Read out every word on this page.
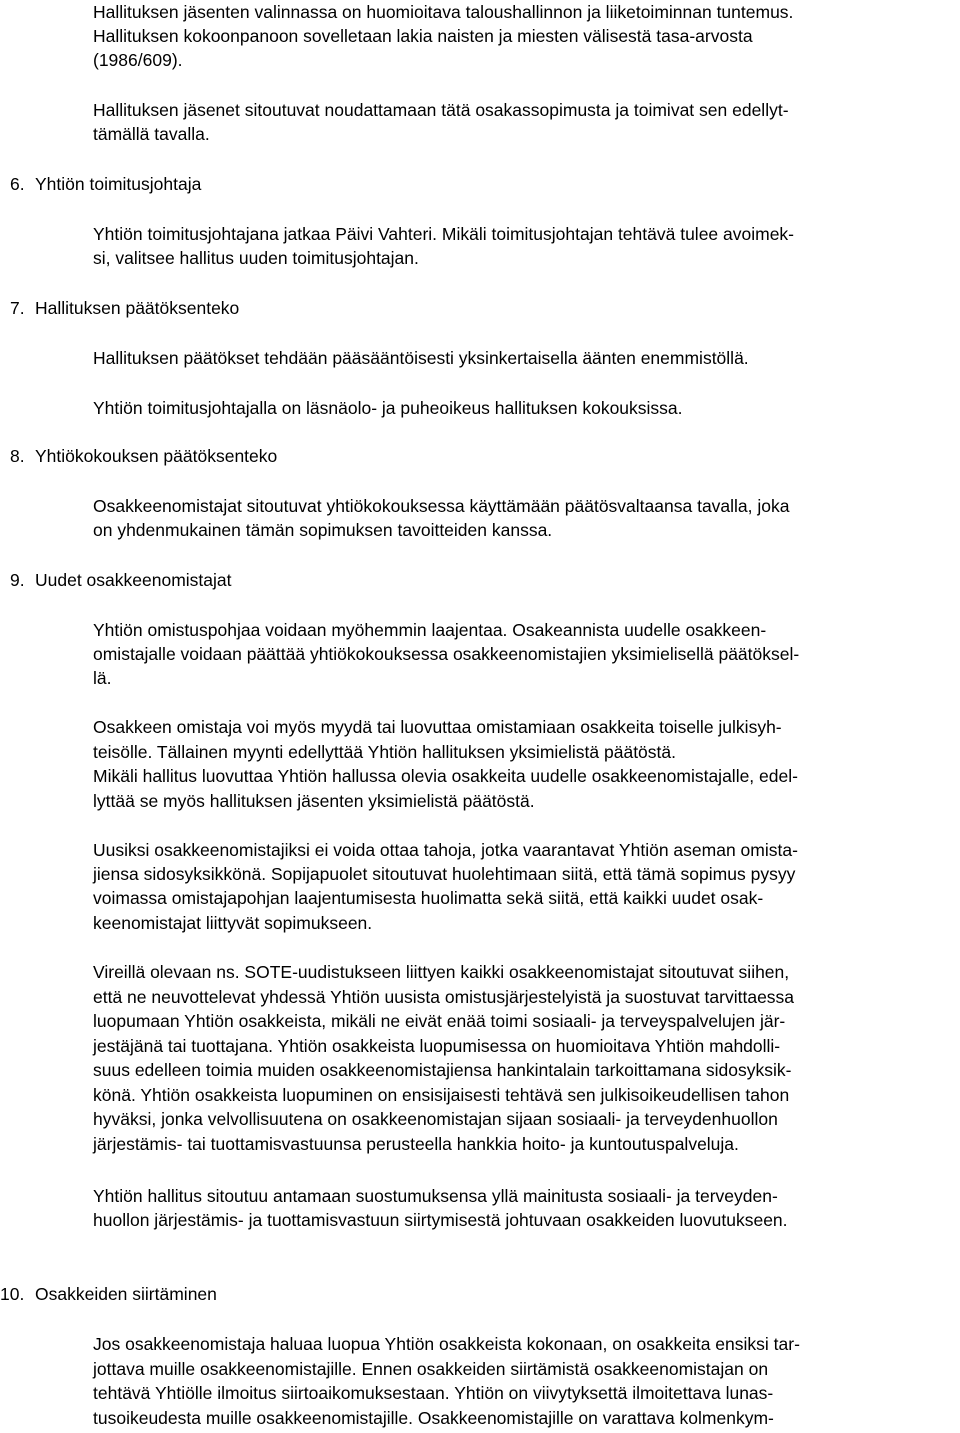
Hallituksen jäsenten valinnassa on huomioitava taloushallinnon ja liiketoiminnan tuntemus.
Hallituksen kokoonpanoon sovelletaan lakia naisten ja miesten välisestä tasa-arvosta
(1986/609).
Hallituksen jäsenet sitoutuvat noudattamaan tätä osakassopimusta ja toimivat sen edellyt-
tämällä tavalla.
6. Yhtiön toimitusjohtaja
Yhtiön toimitusjohtajana jatkaa Päivi Vahteri. Mikäli toimitusjohtajan tehtävä tulee avoimek-
si, valitsee hallitus uuden toimitusjohtajan.
7. Hallituksen päätöksenteko
Hallituksen päätökset tehdään pääsääntöisesti yksinkertaisella äänten enemmistöllä.
Yhtiön toimitusjohtajalla on läsnäolo- ja puheoikeus hallituksen kokouksissa.
8. Yhtiökokouksen päätöksenteko
Osakkeenomistajat sitoutuvat yhtiökokouksessa käyttämään päätösvaltaansa tavalla, joka
on yhdenmukainen tämän sopimuksen tavoitteiden kanssa.
9. Uudet osakkeenomistajat
Yhtiön omistuspohjaa voidaan myöhemmin laajentaa. Osakeannista uudelle osakkeen-
omistajalle voidaan päättää yhtiökokouksessa osakkeenomistajien yksimielisellä päätöksel-
lä.
Osakkeen omistaja voi myös myydä tai luovuttaa omistamiaan osakkeita toiselle julkisyh-
teisölle. Tällainen myynti edellyttää Yhtiön hallituksen yksimielistä päätöstä.
Mikäli hallitus luovuttaa Yhtiön hallussa olevia osakkeita uudelle osakkeenomistajalle, edel-
lyttää se myös hallituksen jäsenten yksimielistä päätöstä.
Uusiksi osakkeenomistajiksi ei voida ottaa tahoja, jotka vaarantavat Yhtiön aseman omista-
jiensa sidosyksikkönä. Sopijapuolet sitoutuvat huolehtimaan siitä, että tämä sopimus pysyy
voimassa omistajapohjan laajentumisesta huolimatta sekä siitä, että kaikki uudet osak-
keenomistajat liittyvät sopimukseen.
Vireillä olevaan ns. SOTE-uudistukseen liittyen kaikki osakkeenomistajat sitoutuvat siihen,
että ne neuvottelevat yhdessä Yhtiön uusista omistusjärjestelyistä ja suostuvat tarvittaessa
luopumaan Yhtiön osakkeista, mikäli ne eivät enää toimi sosiaali- ja terveyspalvelujen jär-
jestäjänä tai tuottajana. Yhtiön osakkeista luopumisessa on huomioitava Yhtiön mahdolli-
suus edelleen toimia muiden osakkeenomistajiensa hankintalain tarkoittamana sidosyksik-
könä. Yhtiön osakkeista luopuminen on ensisijaisesti tehtävä sen julkisoikeudellisen tahon
hyväksi, jonka velvollisuutena on osakkeenomistajan sijaan sosiaali- ja terveydenhuollon
järjestämis- tai tuottamisvastuunsa perusteella hankkia hoito- ja kuntoutuspalveluja.
Yhtiön hallitus sitoutuu antamaan suostumuksensa yllä mainitusta sosiaali- ja terveyden-
huollon järjestämis- ja tuottamisvastuun siirtymisestä johtuvaan osakkeiden luovutukseen.
10. Osakkeiden siirtäminen
Jos osakkeenomistaja haluaa luopua Yhtiön osakkeista kokonaan, on osakkeita ensiksi tar-
jottava muille osakkeenomistajille. Ennen osakkeiden siirtämistä osakkeenomistajan on
tehtävä Yhtiölle ilmoitus siirtoaikomuksestaan. Yhtiön on viivytyksettä ilmoitettava lunas-
tusoikeudesta muille osakkeenomistajille. Osakkeenomistajille on varattava kolmenkym-
